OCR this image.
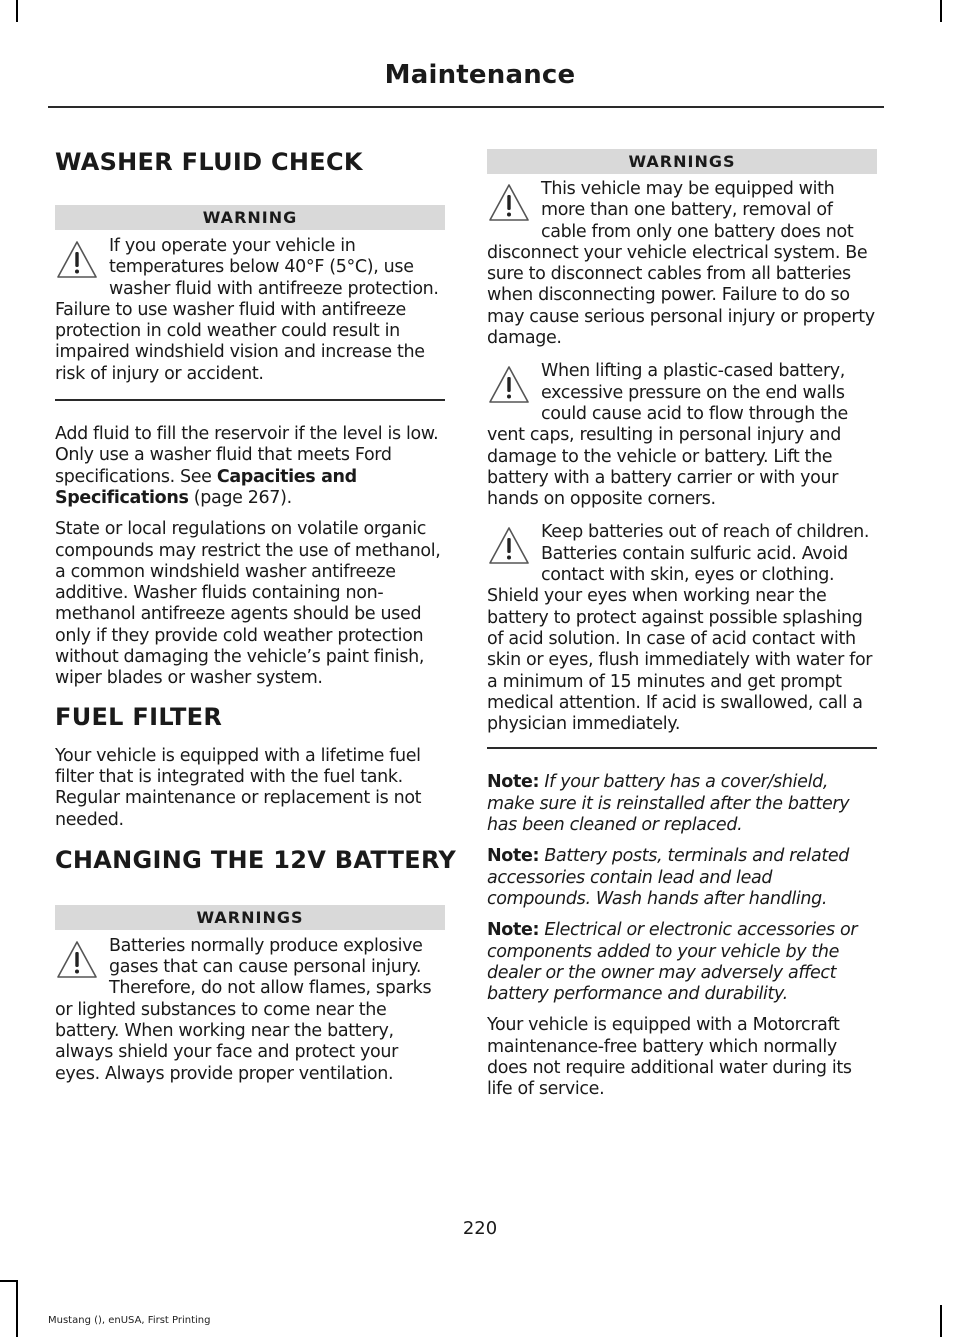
Maintenance
WASHER FLUID CHECK
WARNING
If you operate your vehicle in temperatures below 40°F (5°C), use washer fluid with antifreeze protection. Failure to use washer fluid with antifreeze protection in cold weather could result in impaired windshield vision and increase the risk of injury or accident.

Add fluid to fill the reservoir if the level is low. Only use a washer fluid that meets Ford specifications. See Capacities and Specifications (page 267).

State or local regulations on volatile organic compounds may restrict the use of methanol, a common windshield washer antifreeze additive. Washer fluids containing non-methanol antifreeze agents should be used only if they provide cold weather protection without damaging the vehicle’s paint finish, wiper blades or washer system.

FUEL FILTER

Your vehicle is equipped with a lifetime fuel filter that is integrated with the fuel tank. Regular maintenance or replacement is not needed.

CHANGING THE 12V BATTERY
WARNINGS
Batteries normally produce explosive gases that can cause personal injury. Therefore, do not allow flames, sparks or lighted substances to come near the battery. When working near the battery, always shield your face and protect your eyes. Always provide proper ventilation.
WARNINGS
This vehicle may be equipped with more than one battery, removal of cable from only one battery does not disconnect your vehicle electrical system. Be sure to disconnect cables from all batteries when disconnecting power. Failure to do so may cause serious personal injury or property damage.
When lifting a plastic-cased battery, excessive pressure on the end walls could cause acid to flow through the vent caps, resulting in personal injury and damage to the vehicle or battery. Lift the battery with a battery carrier or with your hands on opposite corners.
Keep batteries out of reach of children. Batteries contain sulfuric acid. Avoid contact with skin, eyes or clothing. Shield your eyes when working near the battery to protect against possible splashing of acid solution. In case of acid contact with skin or eyes, flush immediately with water for a minimum of 15 minutes and get prompt medical attention. If acid is swallowed, call a physician immediately.

Note: If your battery has a cover/shield, make sure it is reinstalled after the battery has been cleaned or replaced.

Note: Battery posts, terminals and related accessories contain lead and lead compounds. Wash hands after handling.

Note: Electrical or electronic accessories or components added to your vehicle by the dealer or the owner may adversely affect battery performance and durability.

Your vehicle is equipped with a Motorcraft maintenance-free battery which normally does not require additional water during its life of service.

220
Mustang (), enUSA, First Printing
